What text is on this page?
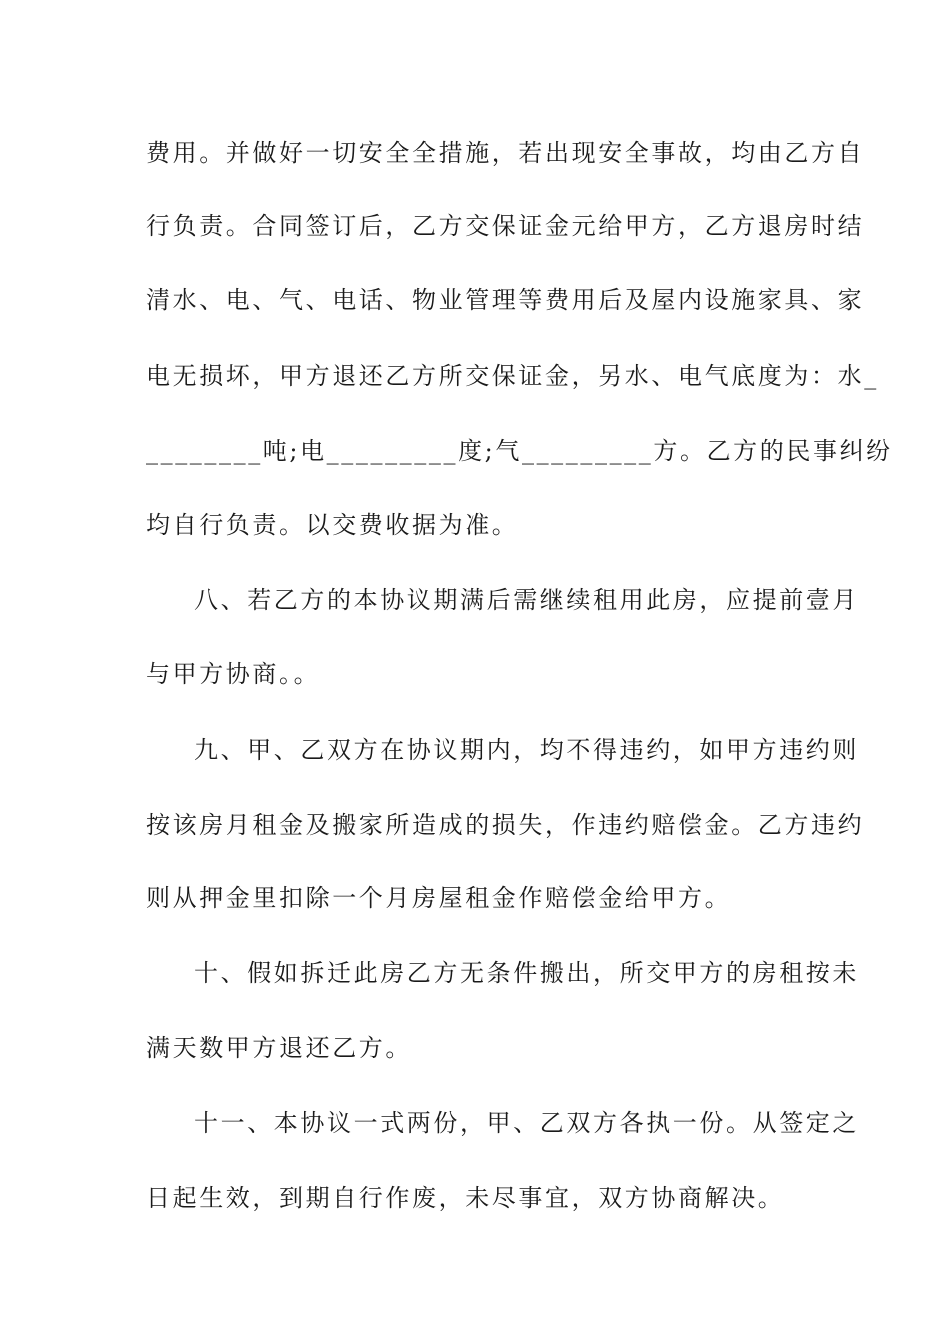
费用。并做好一切安全全措施，若出现安全事故，均由乙方自
行负责。合同签订后，乙方交保证金元给甲方，乙方退房时结
清水、电、气、电话、物业管理等费用后及屋内设施家具、家
电无损坏，甲方退还乙方所交保证金，另水、电气底度为：水_
________吨;电_________度;气_________方。乙方的民事纠纷
均自行负责。以交费收据为准。
八、若乙方的本协议期满后需继续租用此房，应提前壹月
与甲方协商。。
九、甲、乙双方在协议期内，均不得违约，如甲方违约则
按该房月租金及搬家所造成的损失，作违约赔偿金。乙方违约
则从押金里扣除一个月房屋租金作赔偿金给甲方。
十、假如拆迁此房乙方无条件搬出，所交甲方的房租按未
满天数甲方退还乙方。
十一、本协议一式两份，甲、乙双方各执一份。从签定之
日起生效，到期自行作废，未尽事宜，双方协商解决。
